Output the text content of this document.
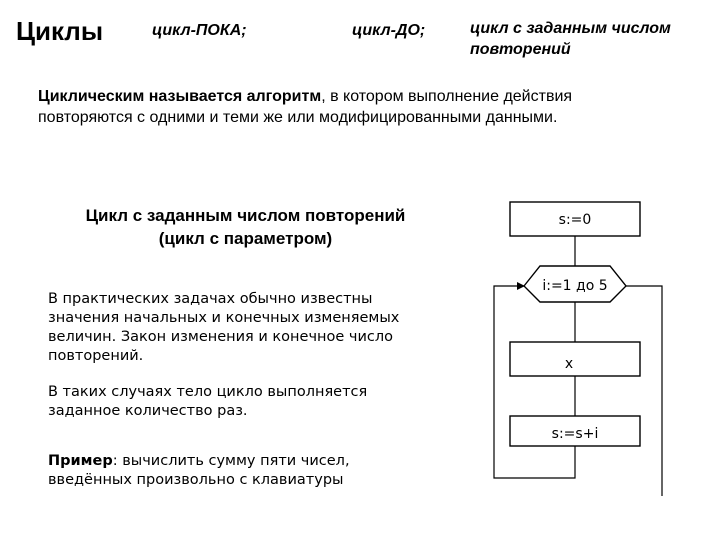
Циклы	цикл-ПОКА;	цикл-ДО;	цикл с заданным числом
повторений
Циклическим называется алгоритм, в котором выполнение действия
повторяются с одними и теми же или модифицированными данными.
Цикл с заданным числом повторений
(цикл с параметром)
В практических задачах обычно известны
значения начальных и конечных изменяемых
величин. Закон изменения и конечное число
повторений.
В таких случаях тело цикло выполняется
заданное количество раз.
Пример: вычислить сумму пяти чисел,
введённых произвольно с клавиатуры
s:=0
i:=1 до 5
x
s:=s+i
